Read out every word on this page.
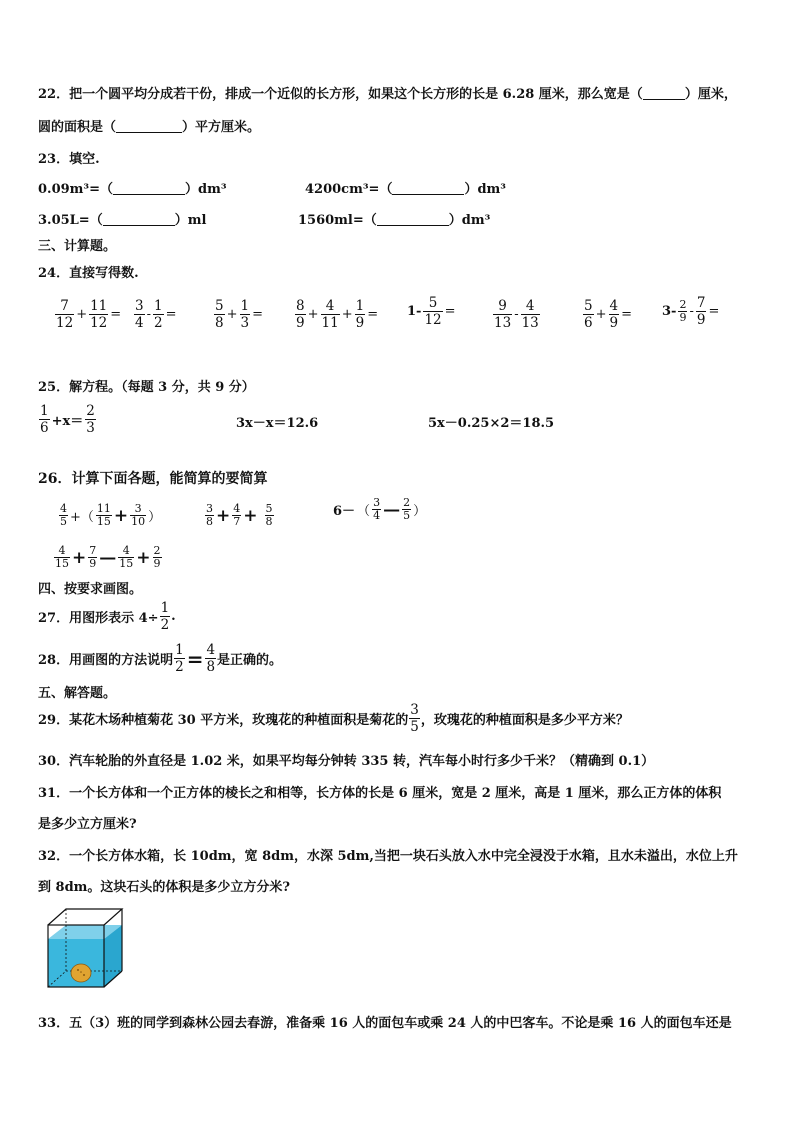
22．把一个圆平均分成若干份，排成一个近似的长方形，如果这个长方形的长是 6.28 厘米，那么宽是（	）厘米，
圆的面积是（	）平方厘米。
23．填空.
0.09m³=（	）dm³	4200cm³=（	）dm³
3.05L=（	）ml	1560ml=（	）dm³
三、计算题。
24．直接写得数.
$\frac{7}{12} + \frac{11}{12} = \frac{3}{4} - \frac{1}{2}$ =	$\frac{5}{8} + \frac{1}{3} = \frac{8}{9} + \frac{4}{11} + \frac{1}{9} = 1- \frac{5}{12}$ =	$\frac{9}{13} - \frac{4}{13}$	$\frac{5}{6} + \frac{4}{9} = 3- \frac{2}{9} - \frac{7}{9}$ =
25．解方程。（每题 3 分，共 9 分）
$\frac{1}{6} +x= \frac{2}{3}$	3x－x＝12.6	5x－0.25×2＝18.5
26．计算下面各题，能简算的要简算
$\frac{4}{5}$ +（ $\frac{11}{15} + \frac{3}{10}$ ）	$\frac{3}{8} + \frac{4}{7} + \frac{5}{8}$	6－ （ $\frac{3}{4}$ — $\frac{2}{5}$ ）
$\frac{4}{15} + \frac{7}{9}$ — $\frac{4}{15} + \frac{2}{9}$
四、按要求画图。
27．用图形表示 $4\div \frac{1}{2}$ .
28．用画图的方法说明 $\frac{1}{2} = \frac{4}{8}$ 是正确的。
五、解答题。
29．某花木场种植菊花 30 平方米，玫瑰花的种植面积是菊花的 $\frac{3}{5}$ ，玫瑰花的种植面积是多少平方米？
30．汽车轮胎的外直径是 1.02 米，如果平均每分钟转 335 转，汽车每小时行多少千米？（精确到 0.1）
31．一个长方体和一个正方体的棱长之和相等，长方体的长是 6 厘米，宽是 2 厘米，高是 1 厘米，那么正方体的体积
是多少立方厘米?
32．一个长方体水箱，长 10dm，宽 8dm，水深 5dm,当把一块石头放入水中完全浸没于水箱，且水未溢出，水位上升
到 8dm。这块石头的体积是多少立方分米?
33．五（3）班的同学到森林公园去春游，准备乘 16 人的面包车或乘 24 人的中巴客车。不论是乘 16 人的面包车还是
